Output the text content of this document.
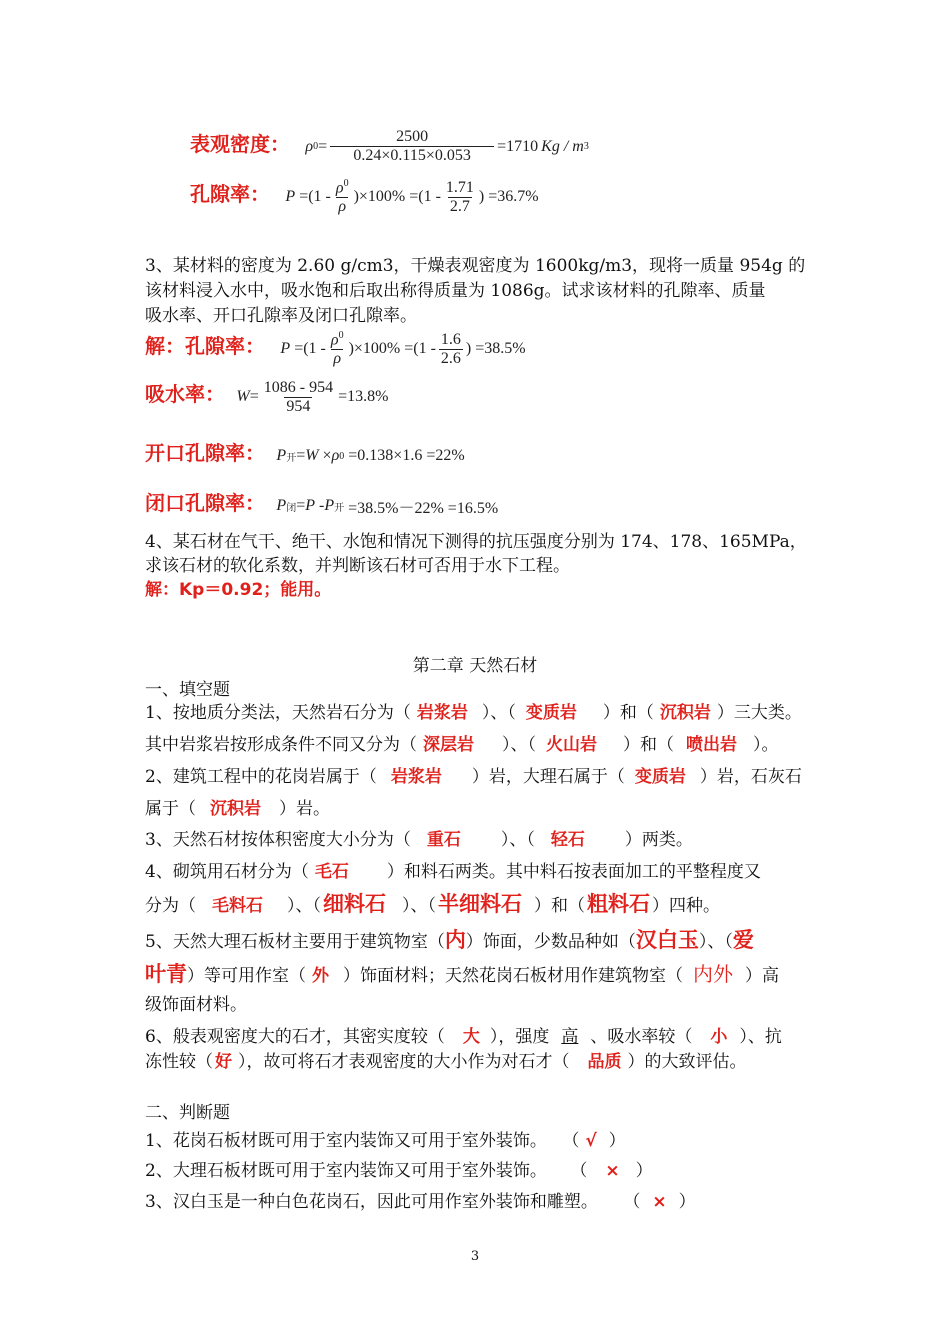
表观密度： ρ $0 = \frac{2500}{0.24\times 0.115\times 0.053} =1710$ Kg / m 3
孔隙率： $P =(1 - \frac{\rho^0}{\rho} )\times 100\% =(1 - \frac{1.71}{2.7}$ ) =36.7%
3、某材料的密度为 2.60 g/cm3，干燥表观密度为 1600kg/m3，现将一质量 954g 的
该材料浸入水中，吸水饱和后取出称得质量为 1086g。试求该材料的孔隙率、质量
吸水率、开口孔隙率及闭口孔隙率。
解：孔隙率： $P =(1 - \frac{\rho^0}{\rho} )\times 100\% =(1 - \frac{1.6}{2.6}$ ) =38.5%
吸水率： $W = \frac{1086 - 954}{954} =13.8\%$
开口孔隙率： P 开 = W × ρ 0
=0.138×1.6 =22%
闭口孔隙率： P 闭 = P - P 开
=38.5%－22% =16.5%
4、某石材在气干、绝干、水饱和情况下测得的抗压强度分别为 174、178、165MPa，
求该石材的软化系数，并判断该石材可否用于水下工程。
解：Kp＝0.92；能用。
第二章 天然石材
一、填空题
1、按地质分类法，天然岩石分为（ 岩浆岩 ）、（ 变质岩 ）和（ 沉积岩 ）三大类。
其中岩浆岩按形成条件不同又分为（ 深层岩 ）、（ 火山岩 ）和（ 喷出岩 ）。
2、建筑工程中的花岗岩属于（ 岩浆岩 ）岩，大理石属于（ 变质岩 ）岩，石灰石
属于（ 沉积岩 ）岩。
3、天然石材按体积密度大小分为（ 重石 ）、（ 轻石 ）两类。
4、砌筑用石材分为（ 毛石 ）和料石两类。其中料石按表面加工的平整程度又
分为（ 毛料石 ）、（细料石 ）、（半细料石 ）和（粗料石 ）四种。
5、天然大理石板材主要用于建筑物室（内）饰面，少数品种如（汉白玉）、（爱
叶青）等可用作室（ 外 ）饰面材料；天然花岗石板材用作建筑物室（ 内外 ）高
级饰面材料。
6、般表观密度大的石才，其密实度较（ 大 ），强度 高 、吸水率较（ 小 ）、抗
冻性较（ 好 ），故可将石才表观密度的大小作为对石才（ 品质 ）的大致评估。
二、判断题
1、花岗石板材既可用于室内装饰又可用于室外装饰。 （ √ ）
2、大理石板材既可用于室内装饰又可用于室外装饰。 （ × ）
3、汉白玉是一种白色花岗石，因此可用作室外装饰和雕塑。 （ × ）
3
